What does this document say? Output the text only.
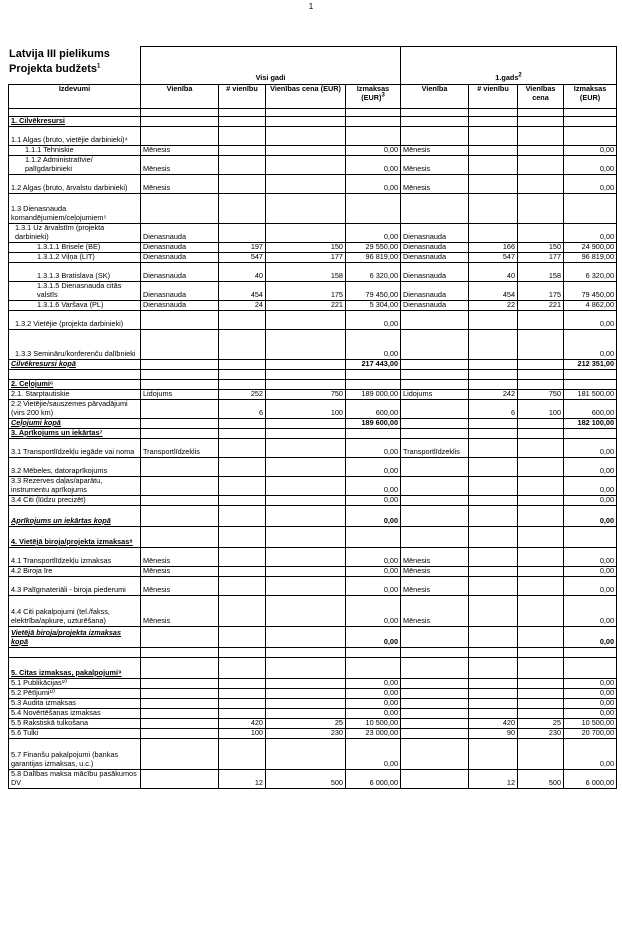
1
Latvija III pielikums
Projekta budžets$^1$
	Visi gadi				1.gads$^2$
Izdevumi	Vienība	# vienību	Vienības cena (EUR)	Izmaksas (EUR)$^3$	Vienība	# vienību	Vienības cena	Izmaksas (EUR)

1. Cilvēkresursi								
1.1 Algas (bruto, vietējie darbinieki)⁴								
1.1.1 Tehniskie	Mēnesis			0,00	Mēnesis			0,00
1.1.2 Administratīvie/ palīgdarbinieki	Mēnesis			0,00	Mēnesis			0,00
1.2 Algas (bruto, ārvalstu darbinieki)	Mēnesis			0,00	Mēnesis			0,00
1.3 Dienasnauda komandējumiem/ceļojumiem⁵								
1.3.1 Uz ārvalstīm (projekta darbinieki)	Dienasnauda			0,00	Dienasnauda			0,00
1.3.1.1 Brisele (BE)	Dienasnauda	197	150	29 550,00	Dienasnauda	166	150	24 900,00
1.3.1.2 Viļņa (LIT)	Dienasnauda	547	177	96 819,00	Dienasnauda	547	177	96 819,00
1.3.1.3 Bratislava (SK)	Dienasnauda	40	158	6 320,00	Dienasnauda	40	158	6 320,00
1.3.1.5 Dienasnauda citās valstīs	Dienasnauda	454	175	79 450,00	Dienasnauda	454	175	79 450,00
1.3.1.6 Varšava (PL)	Dienasnauda	24	221	5 304,00	Dienasnauda	22	221	4 862,00
1.3.2 Vietējie (projekta darbinieki)				0,00				0,00
1.3.3 Semināru/konferenču dalībnieki				0,00				0,00
Cilvēkresursi kopā				217 443,00				212 351,00

2. Ceļojumi⁶								
2.1. Starptautiskie	Lidojums	252	750	189 000,00	Lidojums	242	750	181 500,00
2.2 Vietējie/sauszemes pārvadājumi (virs 200 km)		6	100	600,00		6	100	600,00
Ceļojumi kopā				189 600,00				182 100,00
3. Aprīkojums un iekārtas⁷								
3.1 Transportlīdzekļu iegāde vai noma	Transportlīdzeklis			0,00	Transportlīdzeklis			0,00
3.2 Mēbeles, datoraprīkojums				0,00				0,00
3.3 Rezerves daļas/aparātu, instrumentu aprīkojums				0,00				0,00
3.4 Citi (lūdzu precizēt)				0,00				0,00
Aprīkojums un iekārtas kopā				0,00				0,00
4. Vietējā biroja/projekta izmaksas⁸								
4.1 Transportlīdzekļu izmaksas	Mēnesis			0,00	Mēnesis			0,00
4.2 Biroja īre	Mēnesis			0,00	Mēnesis			0,00
4.3 Palīgmateriāli - biroja piederumi	Mēnesis			0,00	Mēnesis			0,00
4.4 Citi pakalpojumi (tel./fakss, elektrība/apkure, uzturēšana)	Mēnesis			0,00	Mēnesis			0,00
Vietējā biroja/projekta izmaksas kopā				0,00				0,00

5. Citas izmaksas, pakalpojumi⁹								
5.1 Publikācijas¹⁰				0,00				0,00
5.2 Pētījumi¹⁰				0,00				0,00
5.3 Audita izmaksas				0,00				0,00
5.4 Novērtēšanas izmaksas				0,00				0,00
5.5 Rakstiskā tulkošana		420	25	10 500,00		420	25	10 500,00
5.6 Tulki		100	230	23 000,00		90	230	20 700,00
5.7 Finanšu pakalpojumi (bankas garantijas izmaksas, u.c.)				0,00				0,00
5.8 Dalības maksa mācību pasākumos DV		12	500	6 000,00		12	500	6 000,00
